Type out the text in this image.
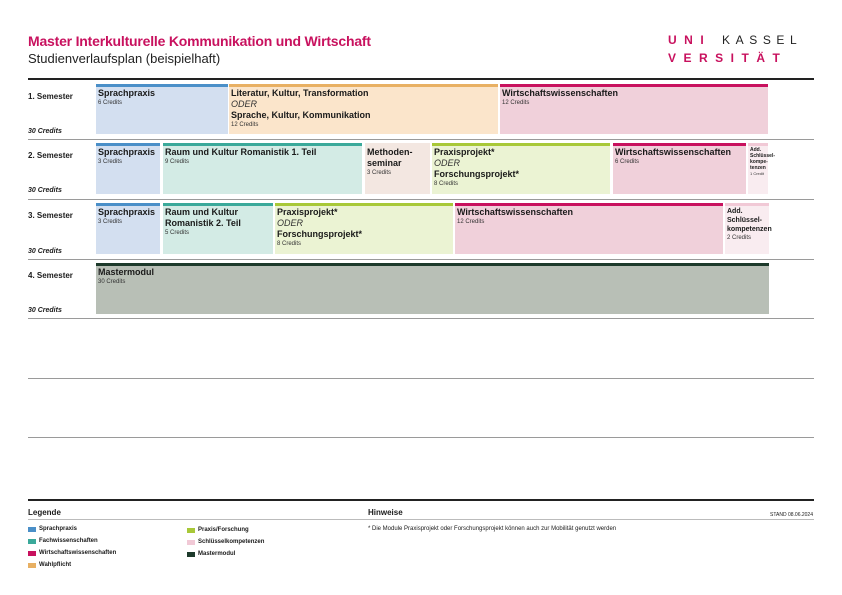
Master Interkulturelle Kommunikation und Wirtschaft
Studienverlaufsplan (beispielhaft)
UNI KASSEL
VERSITÄT
1. Semester
30 Credits
2. Semester
30 Credits
3. Semester
30 Credits
4. Semester
30 Credits
Sprachpraxis
6 Credits
Literatur, Kultur, Transformation
ODER
Sprache, Kultur, Kommunikation
12 Credits
Wirtschaftswissenschaften
12 Credits
Sprachpraxis
3 Credits
Raum und Kultur Romanistik 1. Teil
9 Credits
Methoden-seminar
3 Credits
Praxisprojekt*
ODER
Forschungsprojekt*
8 Credits
Wirtschaftswissenschaften
6 Credits
Add. Schlüssel-kompe-tenzen
1 Credit
Sprachpraxis
3 Credits
Raum und Kultur Romanistik 2. Teil
5 Credits
Praxisprojekt*
ODER
Forschungsprojekt*
8 Credits
Wirtschaftswissenschaften
12 Credits
Add. Schlüssel-kompetenzen
2 Credits
Mastermodul
30 Credits
Legende	Hinweise
Sprachpraxis
Fachwissenschaften
Wirtschaftswissenschaften
Wahlpflicht
Praxis/Forschung
Schlüsselkompetenzen
Mastermodul
* Die Module Praxisprojekt oder Forschungsprojekt können auch zur Mobilität genutzt werden
STAND 08.06.2024
